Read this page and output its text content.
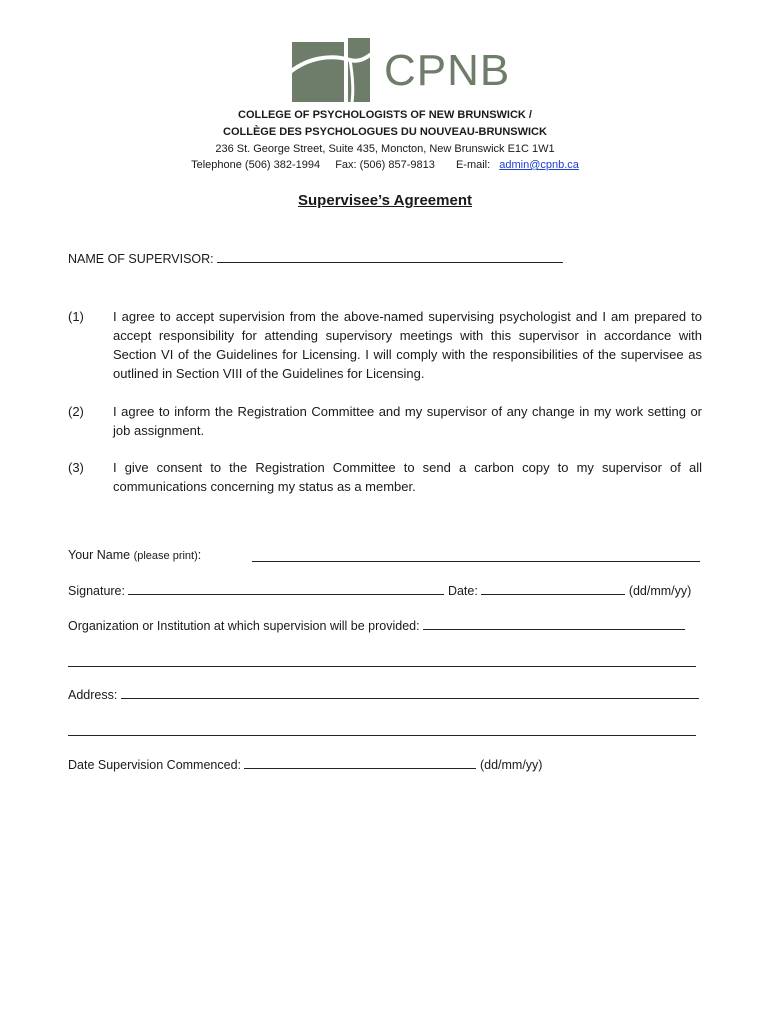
CPNB
COLLEGE OF PSYCHOLOGISTS OF NEW BRUNSWICK /
COLLÈGE DES PSYCHOLOGUES DU NOUVEAU-BRUNSWICK
236 St. George Street, Suite 435, Moncton, New Brunswick E1C 1W1
Telephone (506) 382-1994 Fax: (506) 857-9813 E-mail: admin@cpnb.ca
Supervisee’s Agreement
NAME OF SUPERVISOR:
(1) I agree to accept supervision from the above-named supervising psychologist and I am prepared to accept responsibility for attending supervisory meetings with this supervisor in accordance with Section VI of the Guidelines for Licensing. I will comply with the responsibilities of the supervisee as outlined in Section VIII of the Guidelines for Licensing.
(2) I agree to inform the Registration Committee and my supervisor of any change in my work setting or job assignment.
(3) I give consent to the Registration Committee to send a carbon copy to my supervisor of all communications concerning my status as a member.
Your Name (please print):
Signature:	Date:	(dd/mm/yy)
Organization or Institution at which supervision will be provided:
Address:
Date Supervision Commenced:	(dd/mm/yy)
